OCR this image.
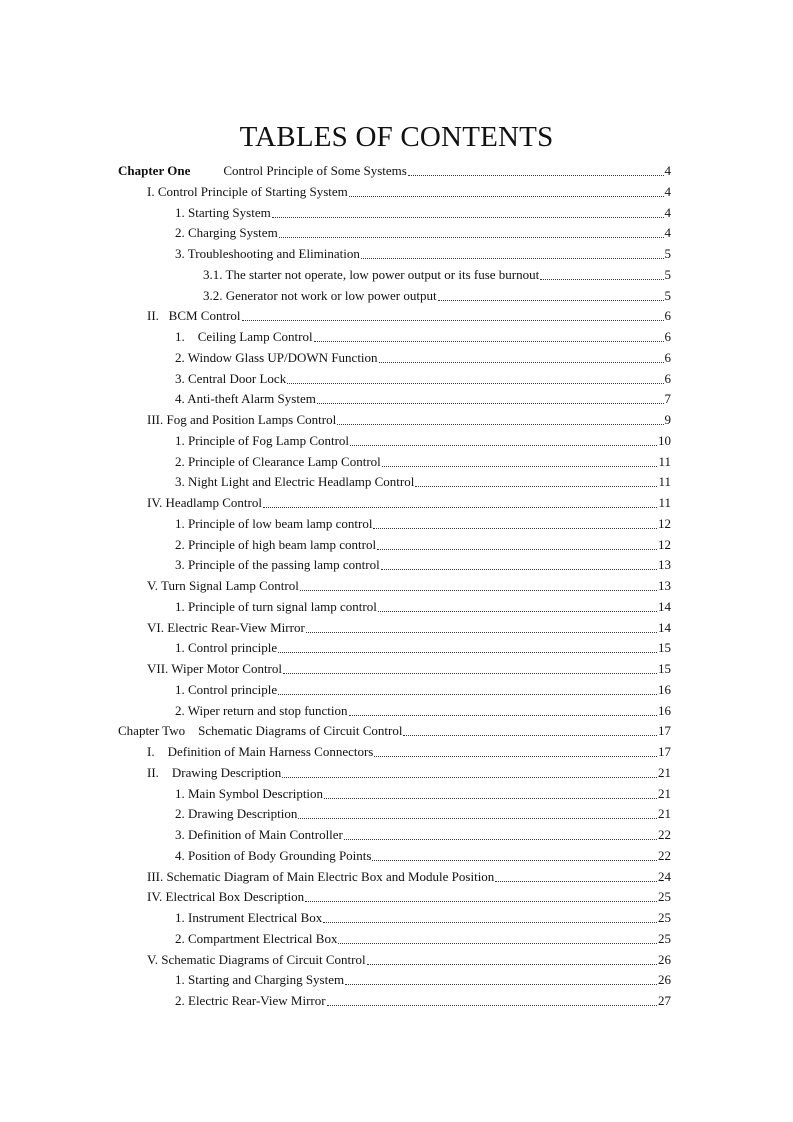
TABLES OF CONTENTS
Chapter One	Control Principle of Some Systems	4
I. Control Principle of Starting System	4
1. Starting System	4
2. Charging System	4
3. Troubleshooting and Elimination	5
3.1. The starter not operate, low power output or its fuse burnout	5
3.2. Generator not work or low power output	5
II.   BCM Control	6
1.    Ceiling Lamp Control	6
2. Window Glass UP/DOWN Function	6
3. Central Door Lock	6
4. Anti-theft Alarm System	7
III. Fog and Position Lamps Control	9
1. Principle of Fog Lamp Control	10
2. Principle of Clearance Lamp Control	11
3. Night Light and Electric Headlamp Control	11
IV. Headlamp Control	11
1. Principle of low beam lamp control	12
2. Principle of high beam lamp control	12
3. Principle of the passing lamp control	13
V. Turn Signal Lamp Control	13
1. Principle of turn signal lamp control	14
VI. Electric Rear-View Mirror	14
1. Control principle	15
VII. Wiper Motor Control	15
1. Control principle	16
2. Wiper return and stop function	16
Chapter Two    Schematic Diagrams of Circuit Control	17
I.    Definition of Main Harness Connectors	17
II.    Drawing Description	21
1. Main Symbol Description	21
2. Drawing Description	21
3. Definition of Main Controller	22
4. Position of Body Grounding Points	22
III. Schematic Diagram of Main Electric Box and Module Position	24
IV. Electrical Box Description	25
1. Instrument Electrical Box	25
2. Compartment Electrical Box	25
V. Schematic Diagrams of Circuit Control	26
1. Starting and Charging System	26
2. Electric Rear-View Mirror	27
